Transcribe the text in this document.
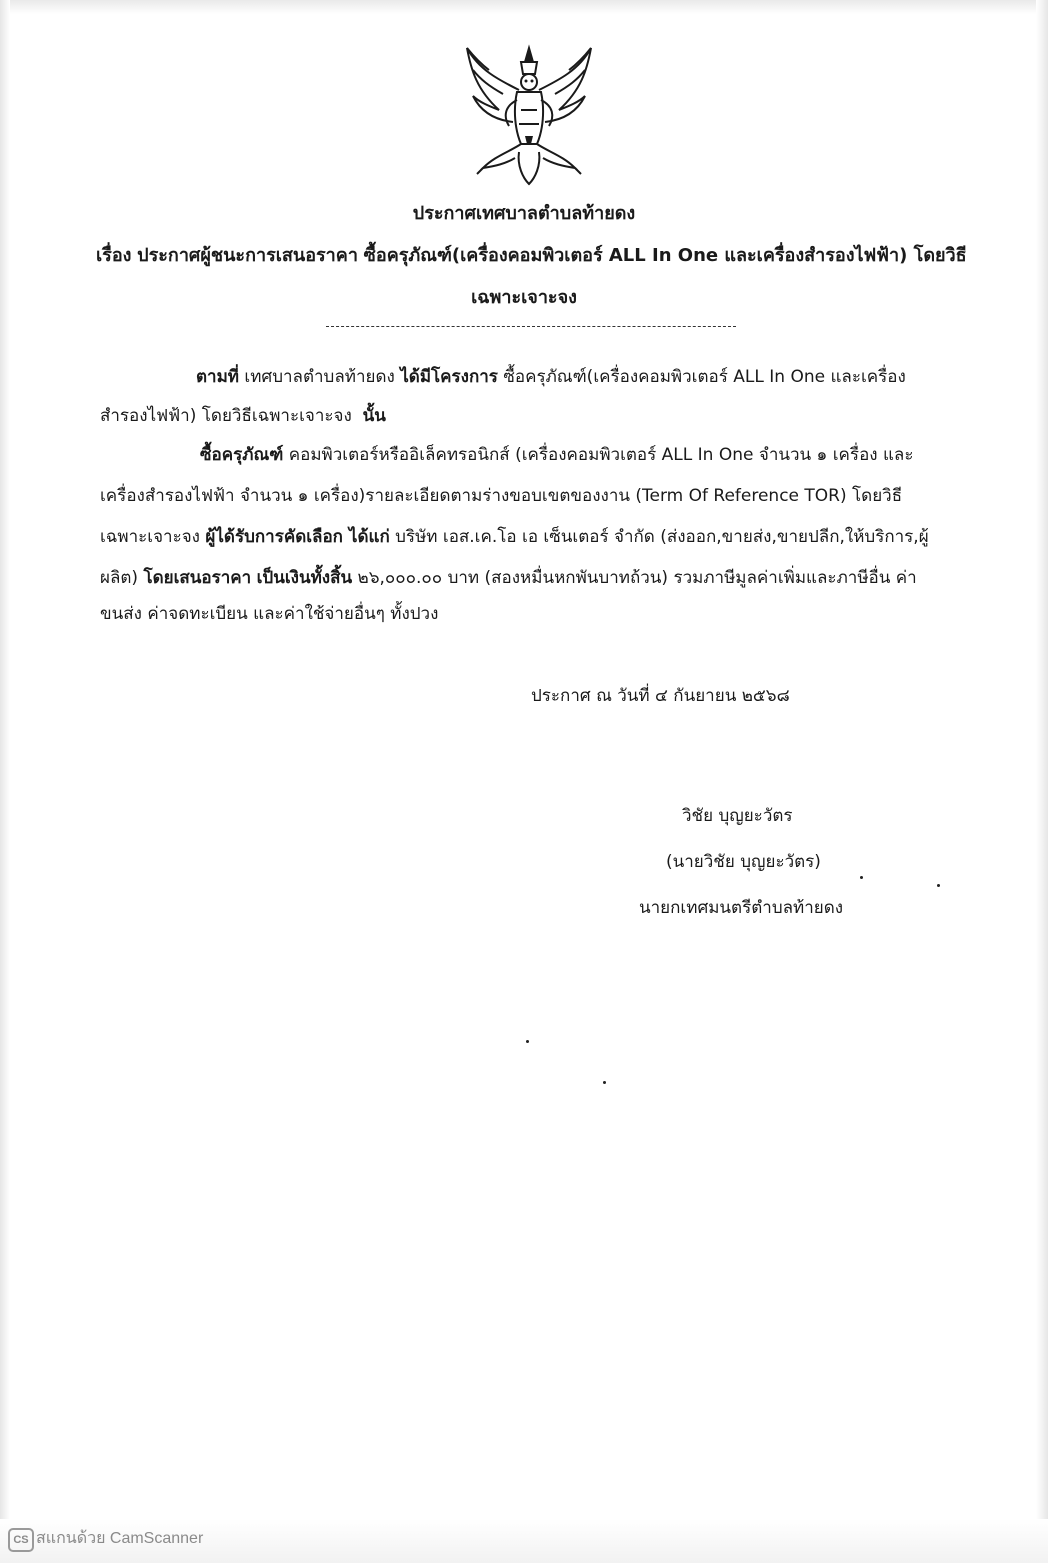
ประกาศเทศบาลตำบลท้ายดง
เรื่อง ประกาศผู้ชนะการเสนอราคา ซื้อครุภัณฑ์(เครื่องคอมพิวเตอร์ ALL In One และเครื่องสำรองไฟฟ้า) โดยวิธี
เฉพาะเจาะจง
ตามที่ เทศบาลตำบลท้ายดง ได้มีโครงการ ซื้อครุภัณฑ์(เครื่องคอมพิวเตอร์ ALL In One และเครื่อง
สำรองไฟฟ้า) โดยวิธีเฉพาะเจาะจง นั้น
ซื้อครุภัณฑ์ คอมพิวเตอร์หรืออิเล็คทรอนิกส์ (เครื่องคอมพิวเตอร์ ALL In One จำนวน ๑ เครื่อง และ
เครื่องสำรองไฟฟ้า จำนวน ๑ เครื่อง)รายละเอียดตามร่างขอบเขตของงาน (Term Of Reference TOR) โดยวิธี
เฉพาะเจาะจง ผู้ได้รับการคัดเลือก ได้แก่ บริษัท เอส.เค.โอ เอ เซ็นเตอร์ จำกัด (ส่งออก,ขายส่ง,ขายปลีก,ให้บริการ,ผู้
ผลิต) โดยเสนอราคา เป็นเงินทั้งสิ้น ๒๖,๐๐๐.๐๐ บาท (สองหมื่นหกพันบาทถ้วน) รวมภาษีมูลค่าเพิ่มและภาษีอื่น ค่า
ขนส่ง ค่าจดทะเบียน และค่าใช้จ่ายอื่นๆ ทั้งปวง
ประกาศ ณ วันที่ ๔ กันยายน ๒๕๖๘
วิชัย บุญยะวัตร
(นายวิชัย บุญยะวัตร)
นายกเทศมนตรีตำบลท้ายดง
CS สแกนด้วย CamScanner
